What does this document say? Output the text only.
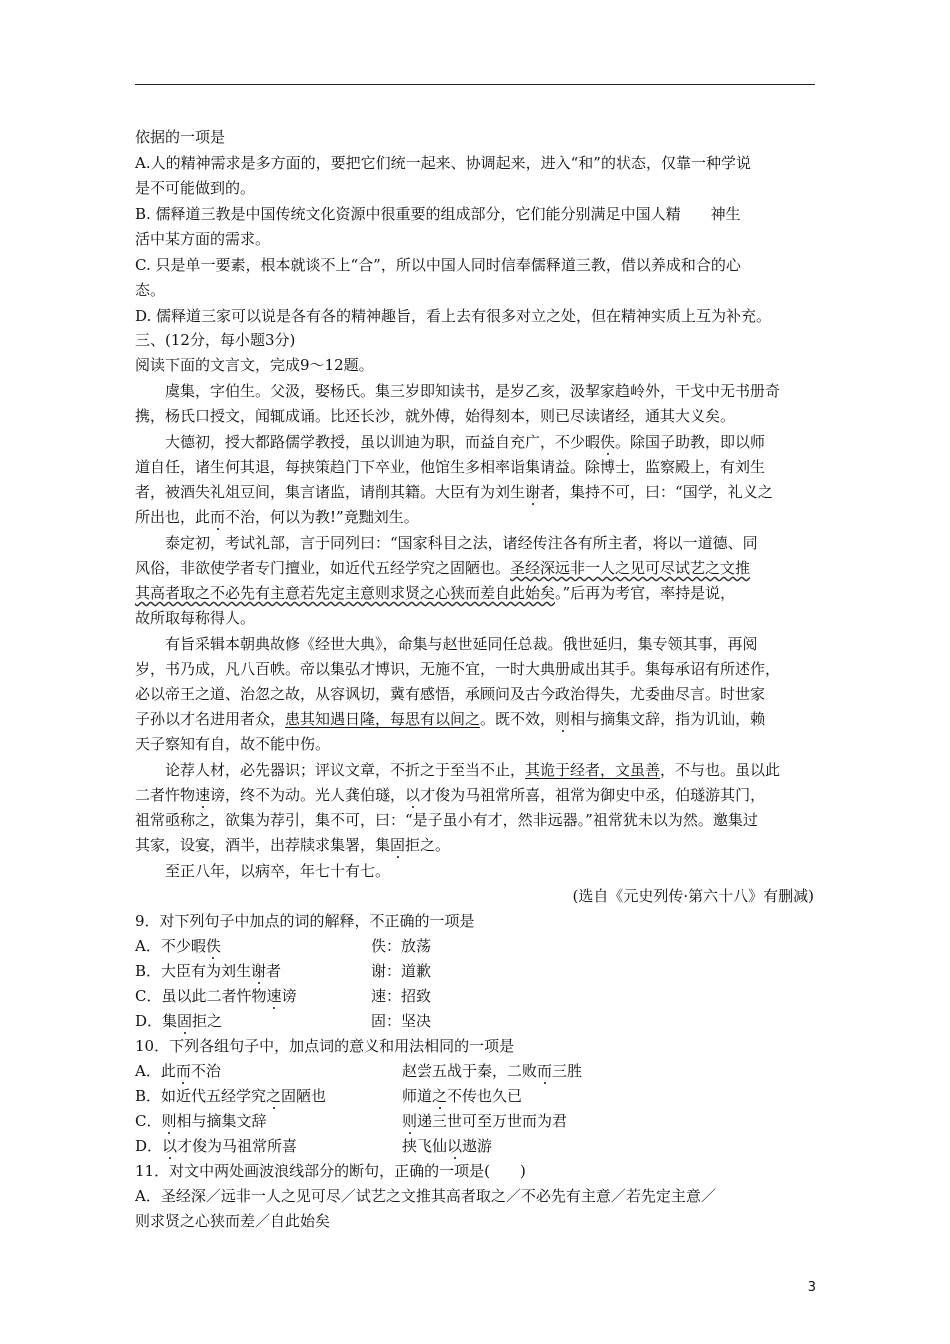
依据的一项是
A.人的精神需求是多方面的，要把它们统一起来、协调起来，进入“和”的状态，仅靠一种学说
是不可能做到的。
B. 儒释道三教是中国传统文化资源中很重要的组成部分，它们能分别满足中国人精　　神生
活中某方面的需求。
C. 只是单一要素，根本就谈不上“合”，所以中国人同时信奉儒释道三教，借以养成和合的心
态。
D. 儒释道三家可以说是各有各的精神趣旨，看上去有很多对立之处，但在精神实质上互为补充。
三、(12分，每小题3分)
阅读下面的文言文，完成9～12题。
虞集，字伯生。父汲，娶杨氏。集三岁即知读书，是岁乙亥，汲挈家趋岭外，干戈中无书册奇
携，杨氏口授文，闻辄成诵。比还长沙，就外傅，始得刻本，则已尽读诸经，通其大义矣。
大德初，授大都路儒学教授，虽以训迪为职，而益自充广，不少暇佚。除国子助教，即以师
道自任，诸生何其退，每挟策趋门下卒业，他馆生多相率诣集请益。除博士，监察殿上，有刘生
者，被酒失礼俎豆间，集言诸监，请削其籍。大臣有为刘生谢者，集持不可，曰：“国学，礼义之
所出也，此而不治，何以为教!”竟黜刘生。
泰定初，考试礼部，言于同列曰：“国家科目之法，诸经传注各有所主者，将以一道德、同
风俗，非欲使学者专门擅业，如近代五经学究之固陋也。圣经深远非一人之见可尽试艺之文推
其高者取之不必先有主意若先定主意则求贤之心狭而差自此始矣。”后再为考官，率持是说，
故所取每称得人。
有旨采辑本朝典故修《经世大典》，命集与赵世延同任总裁。俄世延归，集专领其事，再阅
岁，书乃成，凡八百帙。帝以集弘才博识，无施不宜，一时大典册咸出其手。集每承诏有所述作，
必以帝王之道、治忽之故，从容讽切，冀有感悟，承顾问及古今政治得失，尤委曲尽言。时世家
子孙以才名进用者众，患其知遇日隆，每思有以间之。既不效，则相与摘集文辞，指为讥讪，赖
天子察知有自，故不能中伤。
论荐人材，必先器识；评议文章，不折之于至当不止，其诡于经者，文虽善，不与也。虽以此
二者忤物速谤，终不为动。光人龚伯璲，以才俊为马祖常所喜，祖常为御史中丞，伯璲游其门，
祖常亟称之，欲集为荐引，集不可，曰：“是子虽小有才，然非远器。”祖常犹未以为然。邀集过
其家，设宴，酒半，出荐牍求集署，集固拒之。
至正八年，以病卒，年七十有七。
(选自《元史列传·第六十八》有删减)
9．对下列句子中加点的词的解释，不正确的一项是
A．不少暇佚	佚：放荡
B．大臣有为刘生谢者	谢：道歉
C．虽以此二者忤物速谤	速：招致
D．集固拒之	固：坚决
10．下列各组句子中，加点词的意义和用法相同的一项是
A．此而不治	赵尝五战于秦，二败而三胜
B．如近代五经学究之固陋也	师道之不传也久已
C．则相与摘集文辞	则递三世可至万世而为君
D．以才俊为马祖常所喜	挟飞仙以遨游
11．对文中两处画波浪线部分的断句，正确的一项是(　　)
A．圣经深／远非一人之见可尽／试艺之文推其高者取之／不必先有主意／若先定主意／
则求贤之心狭而差／自此始矣
3
